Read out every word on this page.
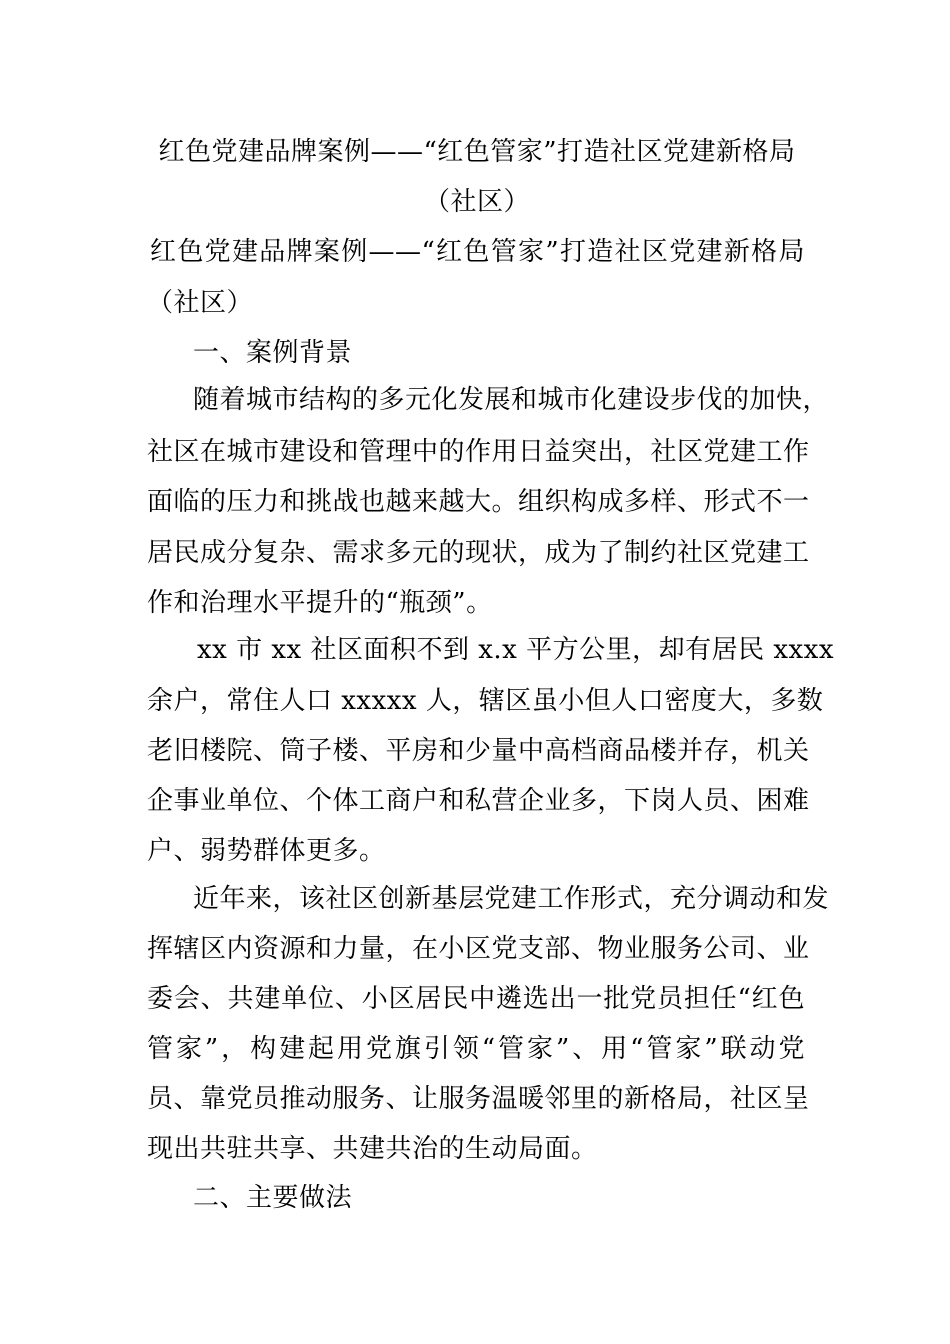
红色党建品牌案例——“红色管家”打造社区党建新格局
（社区）
红色党建品牌案例——“红色管家”打造社区党建新格局
（社区）
一、案例背景
随着城市结构的多元化发展和城市化建设步伐的加快，
社区在城市建设和管理中的作用日益突出，社区党建工作
面临的压力和挑战也越来越大。组织构成多样、形式不一
居民成分复杂、需求多元的现状，成为了制约社区党建工
作和治理水平提升的“瓶颈”。
xx 市 xx 社区面积不到 x.x 平方公里，却有居民 xxxx
余户，常住人口 xxxxx 人，辖区虽小但人口密度大，多数
老旧楼院、筒子楼、平房和少量中高档商品楼并存，机关
企事业单位、个体工商户和私营企业多，下岗人员、困难
户、弱势群体更多。
近年来，该社区创新基层党建工作形式，充分调动和发
挥辖区内资源和力量，在小区党支部、物业服务公司、业
委会、共建单位、小区居民中遴选出一批党员担任“红色
管家”，构建起用党旗引领“管家”、用“管家”联动党
员、靠党员推动服务、让服务温暖邻里的新格局，社区呈
现出共驻共享、共建共治的生动局面。
二、主要做法
